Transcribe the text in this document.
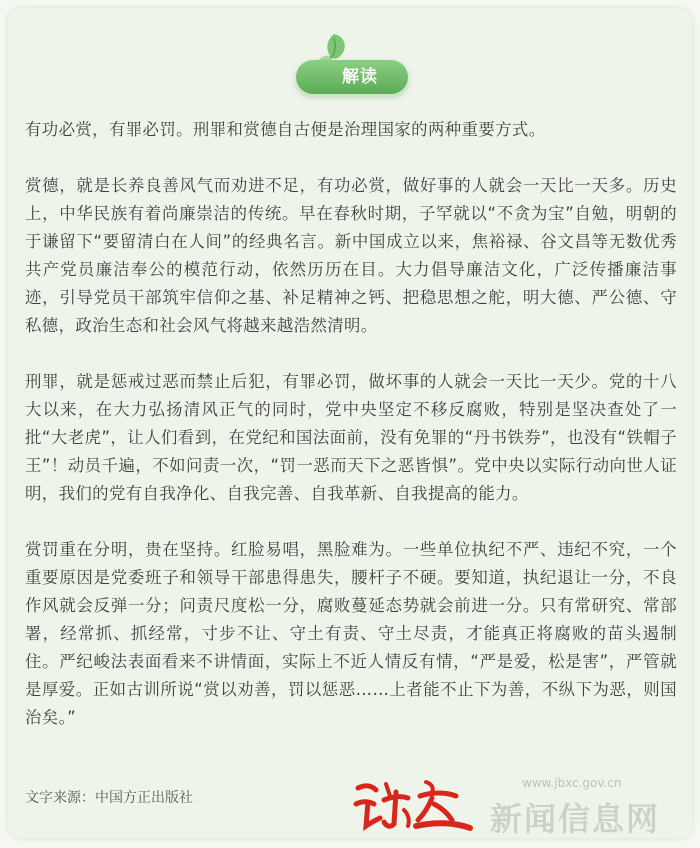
解读

有功必赏，有罪必罚。刑罪和赏德自古便是治理国家的两种重要方式。

赏德，就是长养良善风气而劝进不足，有功必赏，做好事的人就会一天比一天多。历史上，中华民族有着尚廉崇洁的传统。早在春秋时期，子罕就以“不贪为宝”自勉，明朝的于谦留下“要留清白在人间”的经典名言。新中国成立以来，焦裕禄、谷文昌等无数优秀共产党员廉洁奉公的模范行动，依然历历在目。大力倡导廉洁文化，广泛传播廉洁事迹，引导党员干部筑牢信仰之基、补足精神之钙、把稳思想之舵，明大德、严公德、守私德，政治生态和社会风气将越来越浩然清明。

刑罪，就是惩戒过恶而禁止后犯，有罪必罚，做坏事的人就会一天比一天少。党的十八大以来，在大力弘扬清风正气的同时，党中央坚定不移反腐败，特别是坚决查处了一批“大老虎”，让人们看到，在党纪和国法面前，没有免罪的“丹书铁券”，也没有“铁帽子王”！动员千遍，不如问责一次，“罚一恶而天下之恶皆惧”。党中央以实际行动向世人证明，我们的党有自我净化、自我完善、自我革新、自我提高的能力。

赏罚重在分明，贵在坚持。红脸易唱，黑脸难为。一些单位执纪不严、违纪不究，一个重要原因是党委班子和领导干部患得患失，腰杆子不硬。要知道，执纪退让一分，不良作风就会反弹一分；问责尺度松一分，腐败蔓延态势就会前进一分。只有常研究、常部署，经常抓、抓经常，寸步不让、守土有责、守土尽责，才能真正将腐败的苗头遏制住。严纪峻法表面看来不讲情面，实际上不近人情反有情，“严是爱，松是害”，严管就是厚爱。正如古训所说“赏以劝善，罚以惩恶……上者能不止下为善，不纵下为恶，则国治矣。”

文字来源：中国方正出版社
www.jbxc.gov.cn
新闻信息网
